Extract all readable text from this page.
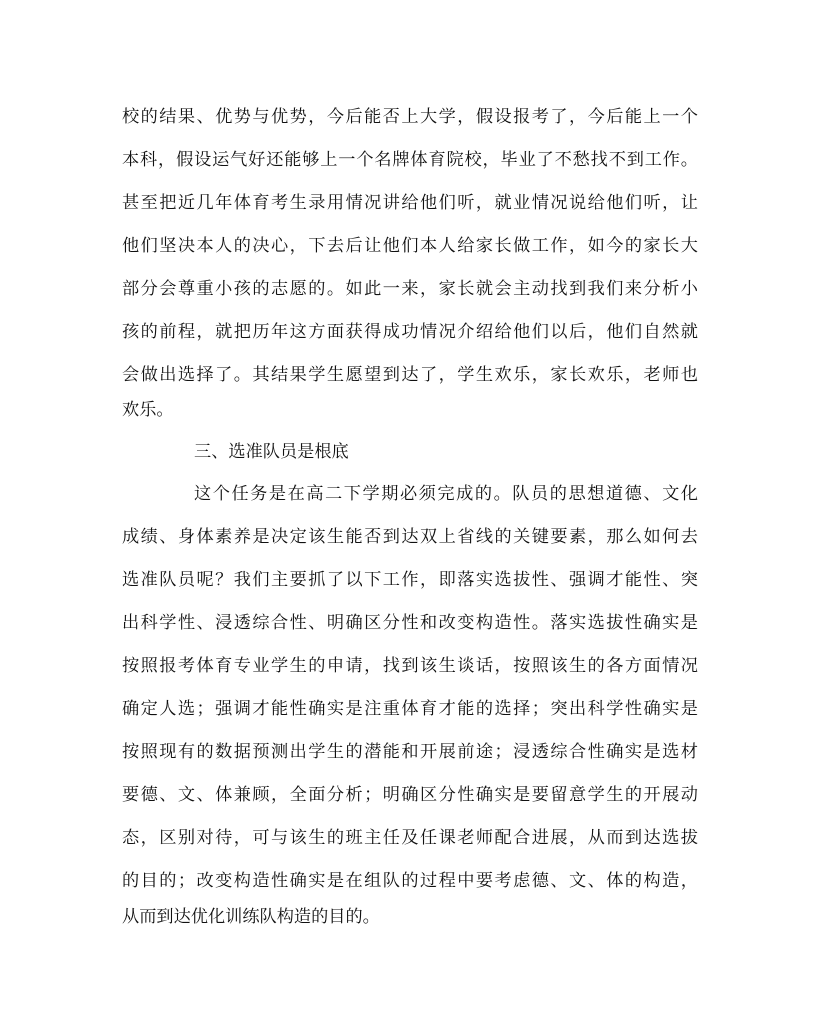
校的结果、优势与优势，今后能否上大学，假设报考了，今后能上一个
本科，假设运气好还能够上一个名牌体育院校，毕业了不愁找不到工作。
甚至把近几年体育考生录用情况讲给他们听，就业情况说给他们听，让
他们坚决本人的决心，下去后让他们本人给家长做工作，如今的家长大
部分会尊重小孩的志愿的。如此一来，家长就会主动找到我们来分析小
孩的前程，就把历年这方面获得成功情况介绍给他们以后，他们自然就
会做出选择了。其结果学生愿望到达了，学生欢乐，家长欢乐，老师也
欢乐。
三、选准队员是根底
这个任务是在高二下学期必须完成的。队员的思想道德、文化
成绩、身体素养是决定该生能否到达双上省线的关键要素，那么如何去
选准队员呢？我们主要抓了以下工作，即落实选拔性、强调才能性、突
出科学性、浸透综合性、明确区分性和改变构造性。落实选拔性确实是
按照报考体育专业学生的申请，找到该生谈话，按照该生的各方面情况
确定人选；强调才能性确实是注重体育才能的选择；突出科学性确实是
按照现有的数据预测出学生的潜能和开展前途；浸透综合性确实是选材
要德、文、体兼顾，全面分析；明确区分性确实是要留意学生的开展动
态，区别对待，可与该生的班主任及任课老师配合进展，从而到达选拔
的目的；改变构造性确实是在组队的过程中要考虑德、文、体的构造，
从而到达优化训练队构造的目的。
